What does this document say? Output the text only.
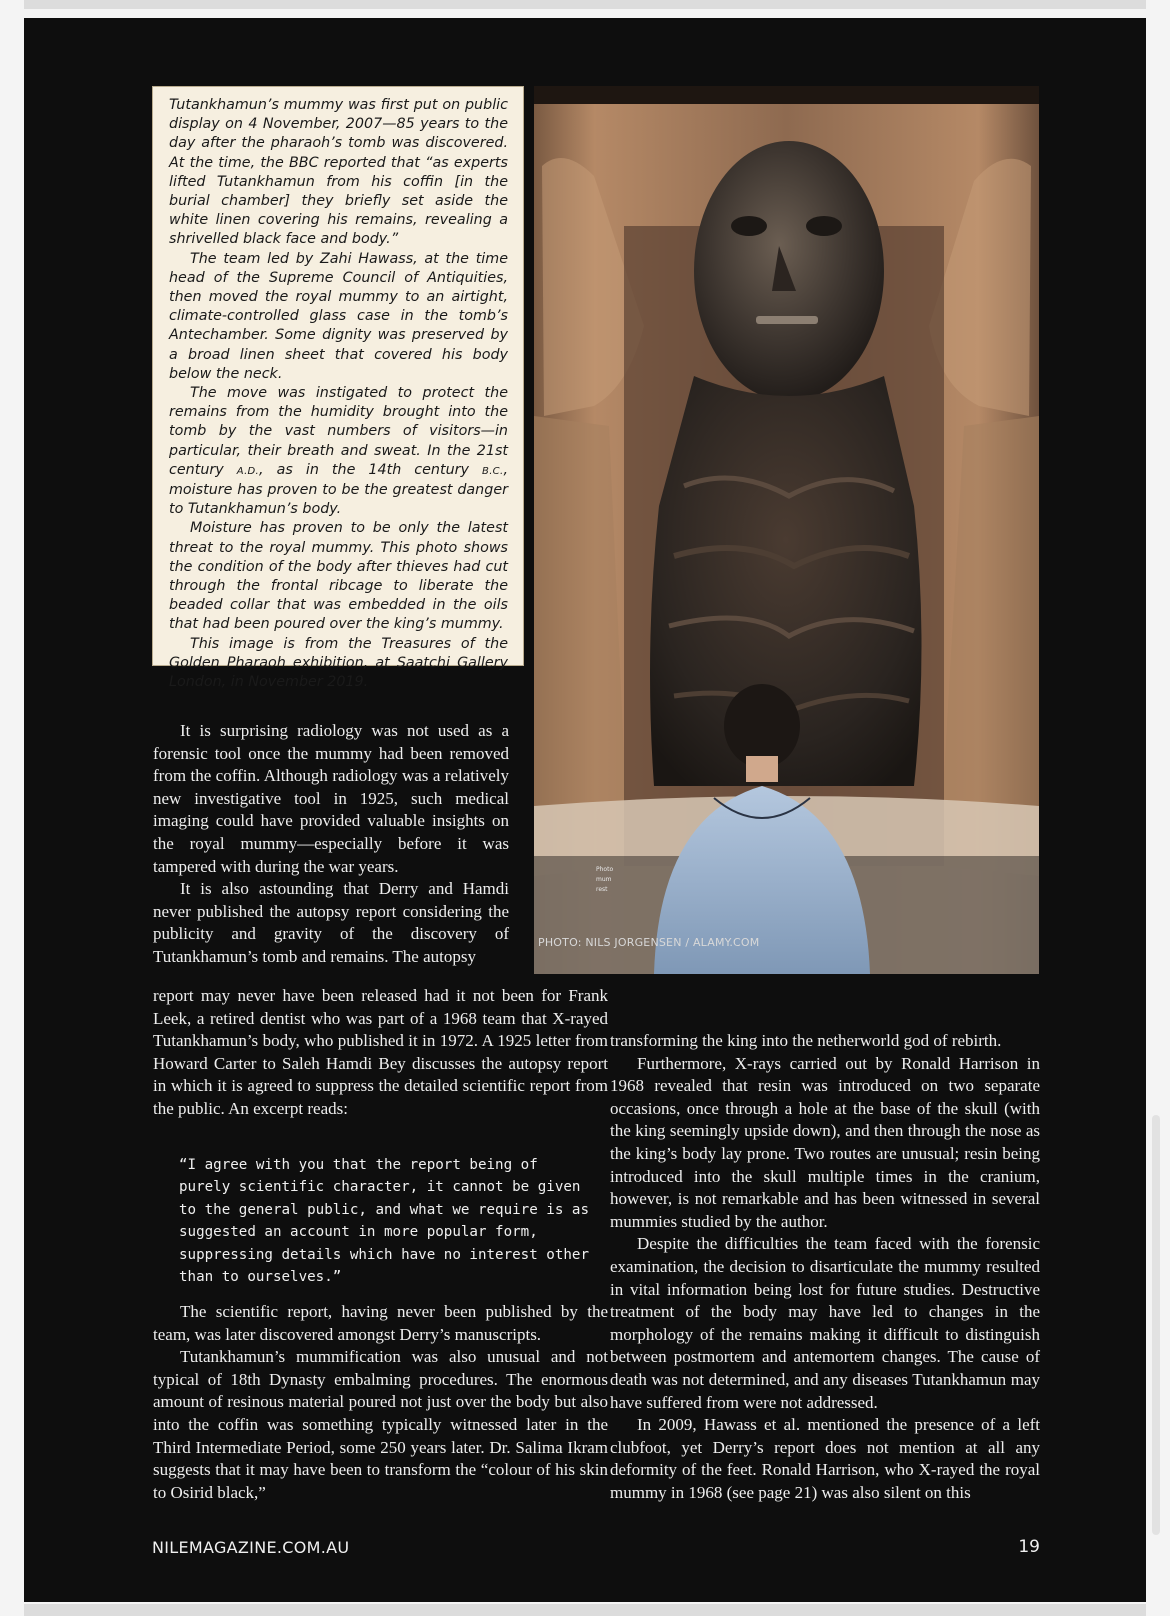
Tutankhamun’s mummy was first put on public display on 4 November, 2007—85 years to the day after the pharaoh’s tomb was discovered. At the time, the BBC reported that “as experts lifted Tutankhamun from his coffin [in the burial chamber] they briefly set aside the white linen covering his remains, revealing a shrivelled black face and body.”

The team led by Zahi Hawass, at the time head of the Supreme Council of Antiquities, then moved the royal mummy to an airtight, climate-controlled glass case in the tomb’s Antechamber. Some dignity was preserved by a broad linen sheet that covered his body below the neck.

The move was instigated to protect the remains from the humidity brought into the tomb by the vast numbers of visitors—in particular, their breath and sweat. In the 21st century A.D., as in the 14th century B.C., moisture has proven to be the greatest danger to Tutankhamun’s body.

Moisture has proven to be only the latest threat to the royal mummy. This photo shows the condition of the body after thieves had cut through the frontal ribcage to liberate the beaded collar that was embedded in the oils that had been poured over the king’s mummy.

This image is from the Treasures of the Golden Pharaoh exhibition, at Saatchi Gallery London, in November 2019.

Photo
mum
rest
PHOTO: NILS JORGENSEN / ALAMY.COM

It is surprising radiology was not used as a forensic tool once the mummy had been removed from the coffin. Although radiology was a relatively new investigative tool in 1925, such medical imaging could have provided valuable insights on the royal mummy—especially before it was tampered with during the war years.
It is also astounding that Derry and Hamdi never published the autopsy report considering the publicity and gravity of the discovery of Tutankhamun’s tomb and remains. The autopsy

report may never have been released had it not been for Frank Leek, a retired dentist who was part of a 1968 team that X-rayed Tutankhamun’s body, who published it in 1972. A 1925 letter from Howard Carter to Saleh Hamdi Bey discusses the autopsy report in which it is agreed to suppress the detailed scientific report from the public. An excerpt reads:

“I agree with you that the report being of purely scientific character, it cannot be given to the general public, and what we require is as suggested an account in more popular form, suppressing details which have no interest other than to ourselves.”

The scientific report, having never been published by the team, was later discovered amongst Derry’s manuscripts.
Tutankhamun’s mummification was also unusual and not typical of 18th Dynasty embalming procedures. The enormous amount of resinous material poured not just over the body but also into the coffin was something typically witnessed later in the Third Intermediate Period, some 250 years later. Dr. Salima Ikram suggests that it may have been to transform the “colour of his skin to Osirid black,”

transforming the king into the netherworld god of rebirth.
Furthermore, X-rays carried out by Ronald Harrison in 1968 revealed that resin was introduced on two separate occasions, once through a hole at the base of the skull (with the king seemingly upside down), and then through the nose as the king’s body lay prone. Two routes are unusual; resin being introduced into the skull multiple times in the cranium, however, is not remarkable and has been witnessed in several mummies studied by the author.
Despite the difficulties the team faced with the forensic examination, the decision to disarticulate the mummy resulted in vital information being lost for future studies. Destructive treatment of the body may have led to changes in the morphology of the remains making it difficult to distinguish between postmortem and antemortem changes. The cause of death was not determined, and any diseases Tutankhamun may have suffered from were not addressed.
In 2009, Hawass et al. mentioned the presence of a left clubfoot, yet Derry’s report does not mention at all any deformity of the feet. Ronald Harrison, who X-rayed the royal mummy in 1968 (see page 21) was also silent on this

NILEMAGAZINE.COM.AU	19
